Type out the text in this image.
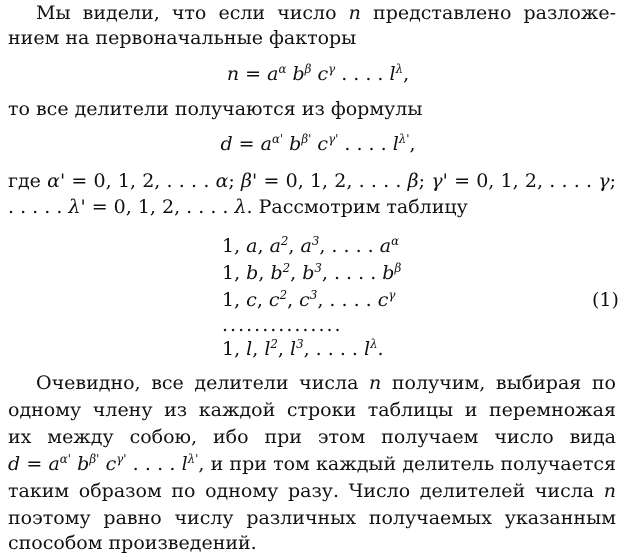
Мы видели, что если число n представлено разложе-
нием на первоначальные факторы
$n = a^\alpha$ $b^\beta$ $c^\gamma$ . . . . $l^\lambda$,
то все делители получаются из формулы
$d = a^{\alpha'}$ $b^{\beta'}$ $c^{\gamma'}$ . . . . $l^{\lambda'}$,
где α' = 0, 1, 2, . . . . α; β' = 0, 1, 2, . . . . β; γ' = 0, 1, 2, . . . . γ;
. . . . . λ' = 0, 1, 2, . . . . λ. Рассмотрим таблицу
1, a, $a^2$, $a^3$, . . . . $a^\alpha$
1, b, $b^2$, $b^3$, . . . . $b^\beta$
1, c, $c^2$, $c^3$, . . . . $c^\gamma$	(1)
...............
1, l, $l^2$, $l^3$, . . . . $l^\lambda$.
Очевидно, все делители числа n получим, выбирая по
одному члену из каждой строки таблицы и перемножая
их между собою, ибо при этом получаем число вида
$d = a^{\alpha'}$ $b^{\beta'}$ $c^{\gamma'}$ . . . . $l^{\lambda'}$, и при том каждый делитель получается
таким образом по одному разу. Число делителей числа n
поэтому равно числу различных получаемых указанным
способом произведений.
